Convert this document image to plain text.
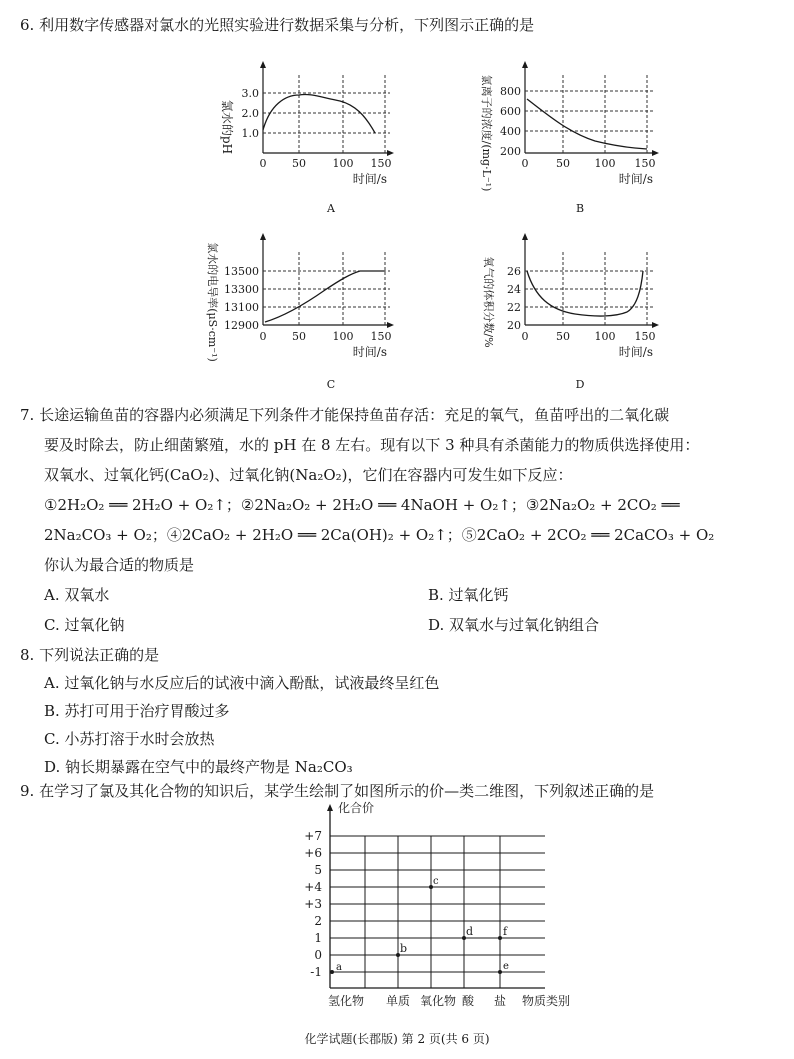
6. 利用数字传感器对氯水的光照实验进行数据采集与分析，下列图示正确的是
氯水的pH
3.0
2.0
1.0
0 50 100 150
时间/s
A
氯离子的浓度/(mg·L⁻¹) 800
600
400
200
0	50 100 150
时间/s
B
氯水的电导率(μS·cm⁻¹) 13500
13300
13100
12900
0 50 100 150
时间/s
C
氧气的体积分数/% 26
24
22
20
0	50 100 150
时间/s
D
7. 长途运输鱼苗的容器内必须满足下列条件才能保持鱼苗存活：充足的氧气，鱼苗呼出的二氧化碳
要及时除去，防止细菌繁殖，水的 pH 在 8 左右。现有以下 3 种具有杀菌能力的物质供选择使用：
双氧水、过氧化钙(CaO₂)、过氧化钠(Na₂O₂)，它们在容器内可发生如下反应：
①2H₂O₂ ══ 2H₂O + O₂↑；②2Na₂O₂ + 2H₂O ══ 4NaOH + O₂↑；③2Na₂O₂ + 2CO₂ ══
2Na₂CO₃ + O₂；④2CaO₂ + 2H₂O ══ 2Ca(OH)₂ + O₂↑；⑤2CaO₂ + 2CO₂ ══ 2CaCO₃ + O₂
你认为最合适的物质是
A. 双氧水	B. 过氧化钙
C. 过氧化钠	D. 双氧水与过氧化钠组合
8. 下列说法正确的是
A. 过氧化钠与水反应后的试液中滴入酚酞，试液最终呈红色
B. 苏打可用于治疗胃酸过多
C. 小苏打溶于水时会放热
D. 钠长期暴露在空气中的最终产物是 Na₂CO₃
9. 在学习了氯及其化合物的知识后，某学生绘制了如图所示的价—类二维图，下列叙述正确的是
化合价
+7
+6
5
+4
+3
2
1
0
-1 a
b
c
d	f
e
氢化物 单质 氧化物 酸 盐 物质类别
化学试题(长郡版) 第 2 页(共 6 页)
